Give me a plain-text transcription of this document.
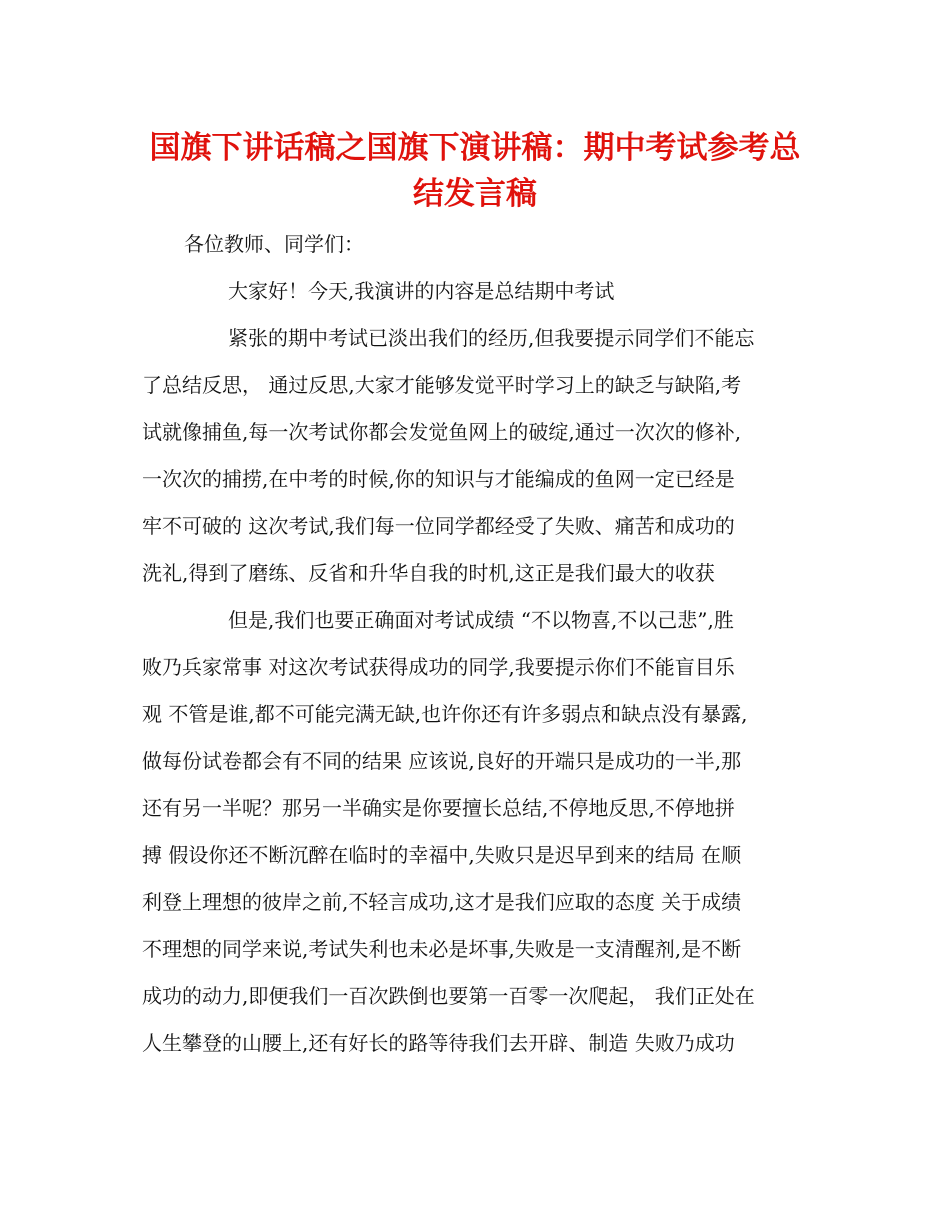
国旗下讲话稿之国旗下演讲稿：期中考试参考总
结发言稿

各位教师、同学们：

大家好！今天,我演讲的内容是总结期中考试

紧张的期中考试已淡出我们的经历,但我要提示同学们不能忘

了总结反思， 通过反思,大家才能够发觉平时学习上的缺乏与缺陷,考

试就像捕鱼,每一次考试你都会发觉鱼网上的破绽,通过一次次的修补,

一次次的捕捞,在中考的时候,你的知识与才能编成的鱼网一定已经是

牢不可破的 这次考试,我们每一位同学都经受了失败、痛苦和成功的

洗礼,得到了磨练、反省和升华自我的时机,这正是我们最大的收获

但是,我们也要正确面对考试成绩 “不以物喜,不以己悲”,胜

败乃兵家常事 对这次考试获得成功的同学,我要提示你们不能盲目乐

观 不管是谁,都不可能完满无缺,也许你还有许多弱点和缺点没有暴露,

做每份试卷都会有不同的结果 应该说,良好的开端只是成功的一半,那

还有另一半呢？那另一半确实是你要擅长总结,不停地反思,不停地拼

搏 假设你还不断沉醉在临时的幸福中,失败只是迟早到来的结局 在顺

利登上理想的彼岸之前,不轻言成功,这才是我们应取的态度 关于成绩

不理想的同学来说,考试失利也未必是坏事,失败是一支清醒剂,是不断

成功的动力,即便我们一百次跌倒也要第一百零一次爬起， 我们正处在

人生攀登的山腰上,还有好长的路等待我们去开辟、制造 失败乃成功
